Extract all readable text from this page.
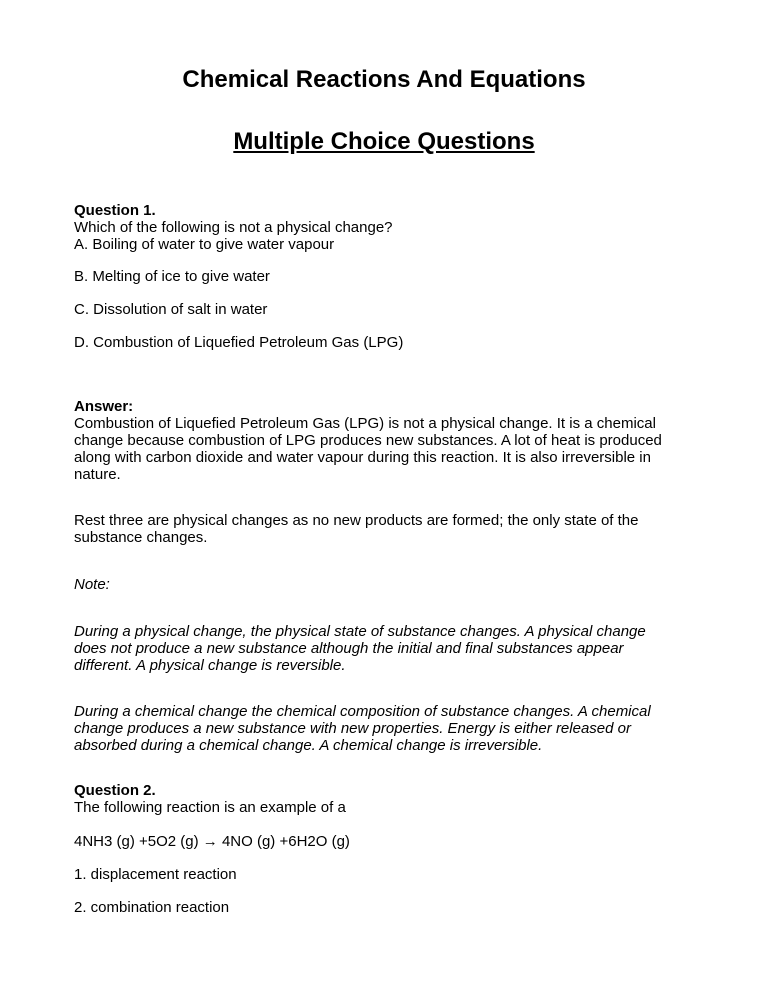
Chemical Reactions And Equations
Multiple Choice Questions
Question 1.
Which of the following is not a physical change?
A. Boiling of water to give water vapour
B. Melting of ice to give water
C. Dissolution of salt in water
D. Combustion of Liquefied Petroleum Gas (LPG)
Answer:
Combustion of Liquefied Petroleum Gas (LPG) is not a physical change. It is a chemical
change because combustion of LPG produces new substances. A lot of heat is produced
along with carbon dioxide and water vapour during this reaction. It is also irreversible in
nature.
Rest three are physical changes as no new products are formed; the only state of the
substance changes.
Note:
During a physical change, the physical state of substance changes. A physical change
does not produce a new substance although the initial and final substances appear
different. A physical change is reversible.
During a chemical change the chemical composition of substance changes. A chemical
change produces a new substance with new properties. Energy is either released or
absorbed during a chemical change. A chemical change is irreversible.
Question 2.
The following reaction is an example of a
4NH3 (g) +5O2 (g) → 4NO (g) +6H2O (g)
1. displacement reaction
2. combination reaction
